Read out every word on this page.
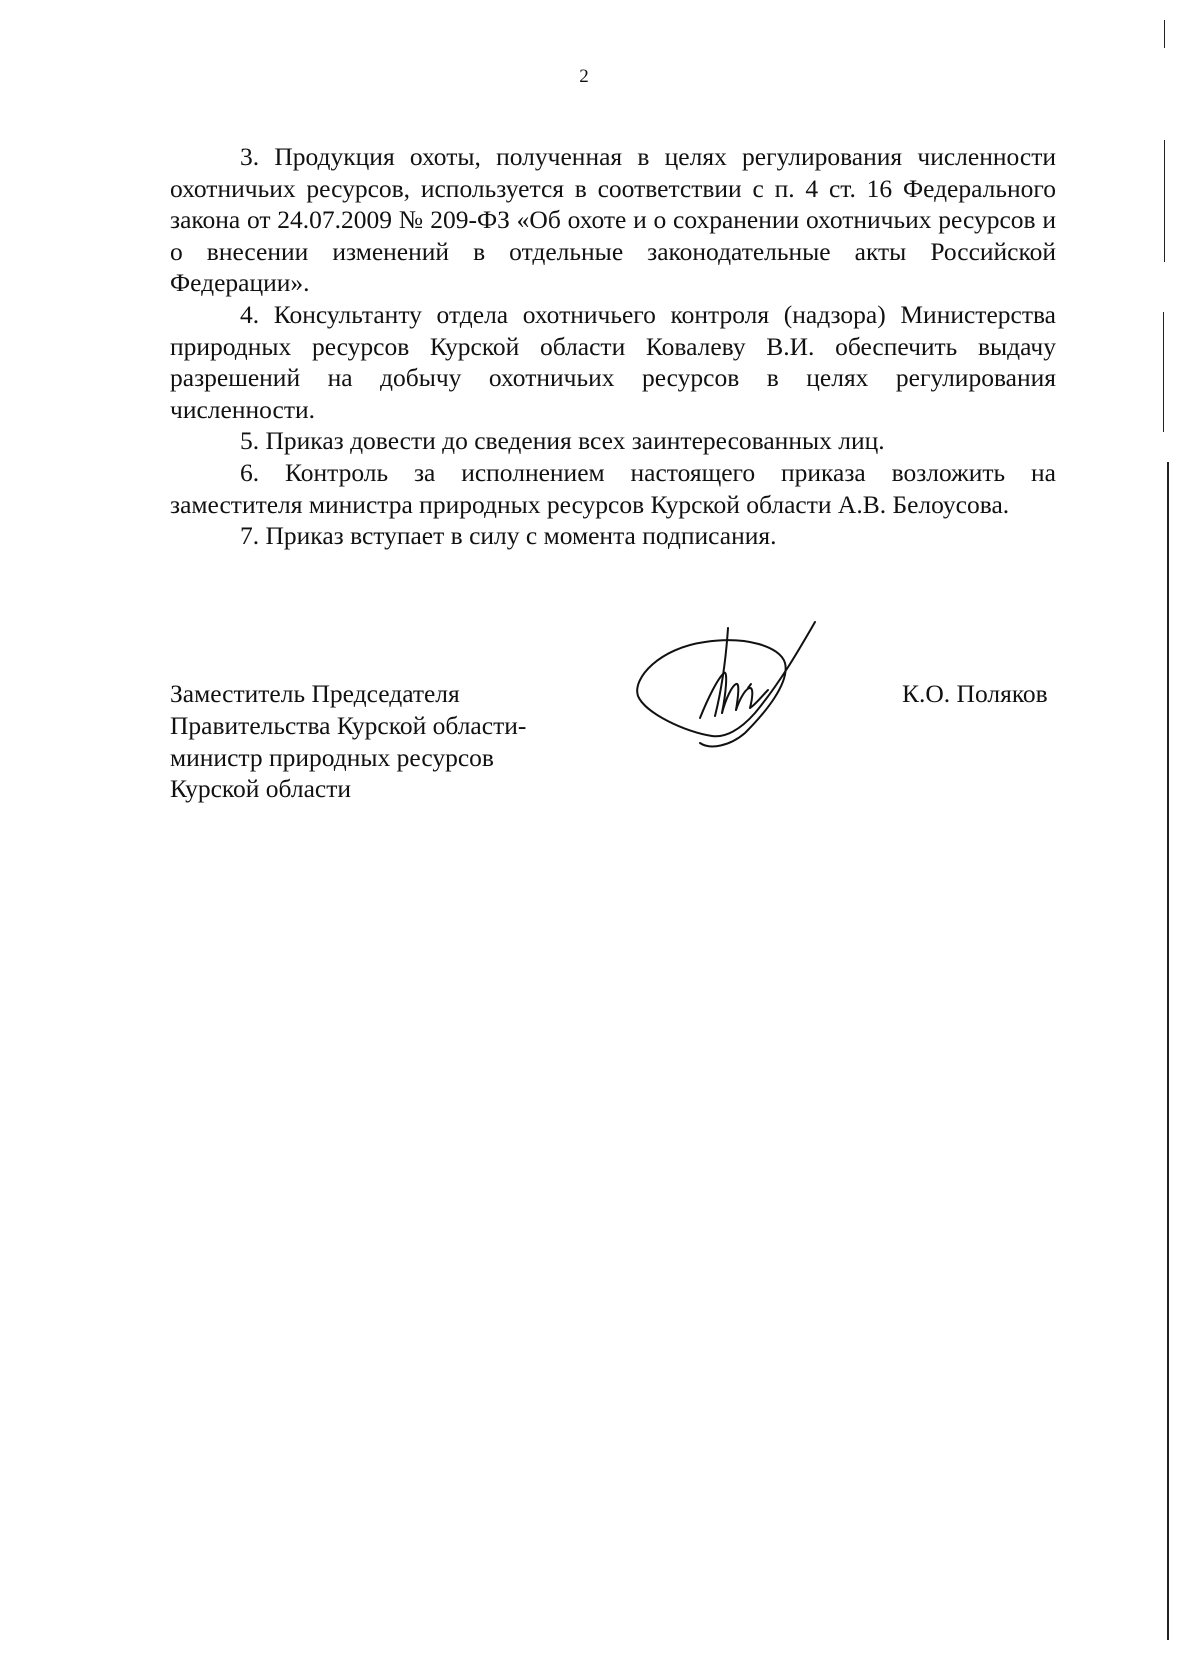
2

3. Продукция охоты, полученная в целях регулирования численности охотничьих ресурсов, используется в соответствии с п. 4 ст. 16 Федерального закона от 24.07.2009 № 209-ФЗ «Об охоте и о сохранении охотничьих ресурсов и о внесении изменений в отдельные законодательные акты Российской Федерации».

4. Консультанту отдела охотничьего контроля (надзора) Министерства природных ресурсов Курской области Ковалеву В.И. обеспечить выдачу разрешений на добычу охотничьих ресурсов в целях регулирования численности.

5. Приказ довести до сведения всех заинтересованных лиц.

6. Контроль за исполнением настоящего приказа возложить на заместителя министра природных ресурсов Курской области А.В. Белоусова.

7. Приказ вступает в силу с момента подписания.

Заместитель Председателя
Правительства Курской области-
министр природных ресурсов
Курской области
К.О. Поляков
